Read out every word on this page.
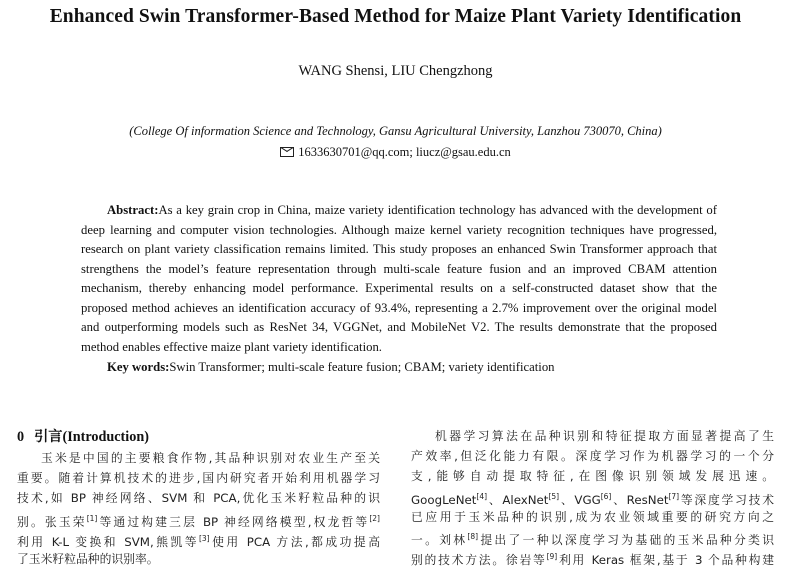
Enhanced Swin Transformer-Based Method for Maize Plant Variety Identification
WANG Shensi, LIU Chengzhong
(College Of information Science and Technology, Gansu Agricultural University, Lanzhou 730070, China)
1633630701@qq.com; liucz@gsau.edu.cn

Abstract:As a key grain crop in China, maize variety identification technology has advanced with the development of deep learning and computer vision technologies. Although maize kernel variety recognition techniques have progressed, research on plant variety classification remains limited. This study proposes an enhanced Swin Transformer approach that strengthens the model’s feature representation through multi-scale feature fusion and an improved CBAM attention mechanism, thereby enhancing model performance. Experimental results on a self-constructed dataset show that the proposed method achieves an identification accuracy of 93.4%, representing a 2.7% improvement over the original model and outperforming models such as ResNet 34, VGGNet, and MobileNet V2. The results demonstrate that the proposed method enables effective maize plant variety identification.

Key words:Swin Transformer; multi-scale feature fusion; CBAM; variety identification
0 引言(Introduction)
玉米是中国的主要粮食作物,其品种识别对农业生产至关
重要。随着计算机技术的进步,国内研究者开始利用机器学习
技术,如 BP 神经网络、SVM 和 PCA,优化玉米籽粒品种的识
别。张玉荣[1]等通过构建三层 BP 神经网络模型,权龙哲等[2]
利用 K-L 变换和 SVM,熊凯等[3]使用 PCA 方法,都成功提高
了玉米籽粒品种的识别率。
机器学习算法在品种识别和特征提取方面显著提高了生
产效率,但泛化能力有限。深度学习作为机器学习的一个分
支,能够自动提取特征,在图像识别领域发展迅速。
GoogLeNet[4]、AlexNet[5]、VGG[6]、ResNet[7]等深度学习技术
已应用于玉米品种的识别,成为农业领域重要的研究方向之
一。刘林[8]提出了一种以深度学习为基础的玉米品种分类识
别的技术方法。徐岩等[9]利用 Keras 框架,基于 3 个品种构建
